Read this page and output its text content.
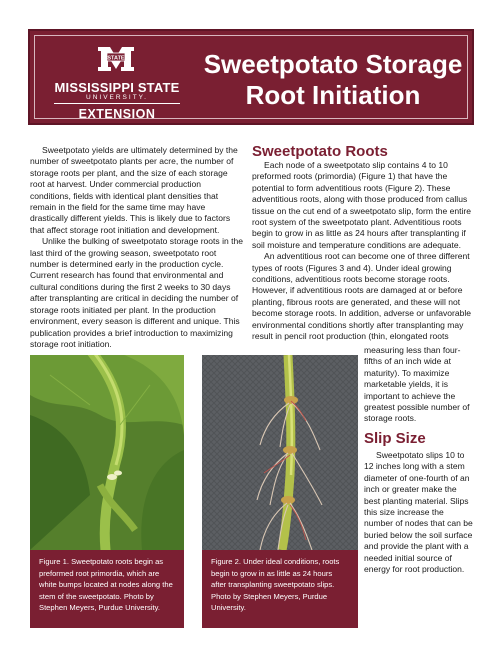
STATE
MISSISSIPPI STATE
UNIVERSITY.
EXTENSION
Sweetpotato Storage
Root Initiation

Sweetpotato yields are ultimately determined by the number of sweetpotato plants per acre, the number of storage roots per plant, and the size of each storage root at harvest. Under commercial production conditions, fields with identical plant densities that remain in the field for the same time may have drastically different yields. This is likely due to factors that affect storage root initiation and development.

Unlike the bulking of sweetpotato storage roots in the last third of the growing season, sweetpotato root number is determined early in the production cycle. Current research has found that environmental and cultural conditions during the first 2 weeks to 30 days after transplanting are critical in deciding the number of storage roots initiated per plant. In the production environment, every season is different and unique. This publication provides a brief introduction to maximizing storage root initiation.

Sweetpotato Roots

Each node of a sweetpotato slip contains 4 to 10 preformed roots (primordia) (Figure 1) that have the potential to form adventitious roots (Figure 2). These adventitious roots, along with those produced from callus tissue on the cut end of a sweetpotato slip, form the entire root system of the sweetpotato plant. Adventitious roots begin to grow in as little as 24 hours after transplanting if soil moisture and temperature conditions are adequate.

An adventitious root can become one of three different types of roots (Figures 3 and 4). Under ideal growing conditions, adventitious roots become storage roots. However, if adventitious roots are damaged at or before planting, fibrous roots are generated, and these will not become storage roots. In addition, adverse or unfavorable environmental conditions shortly after transplanting may result in pencil root production (thin, elongated roots

measuring less than four-fifths of an inch wide at maturity). To maximize marketable yields, it is important to achieve the greatest possible number of storage roots.
Slip Size
Sweetpotato slips 10 to 12 inches long with a stem diameter of one-fourth of an inch or greater make the best planting material. Slips this size increase the number of nodes that can be buried below the soil surface and provide the plant with a needed initial source of energy for root production.
Figure 1. Sweetpotato roots begin as preformed root primordia, which are white bumps located at nodes along the stem of the sweetpotato. Photo by Stephen Meyers, Purdue University.
Figure 2. Under ideal conditions, roots begin to grow in as little as 24 hours after transplanting sweetpotato slips. Photo by Stephen Meyers, Purdue University.
